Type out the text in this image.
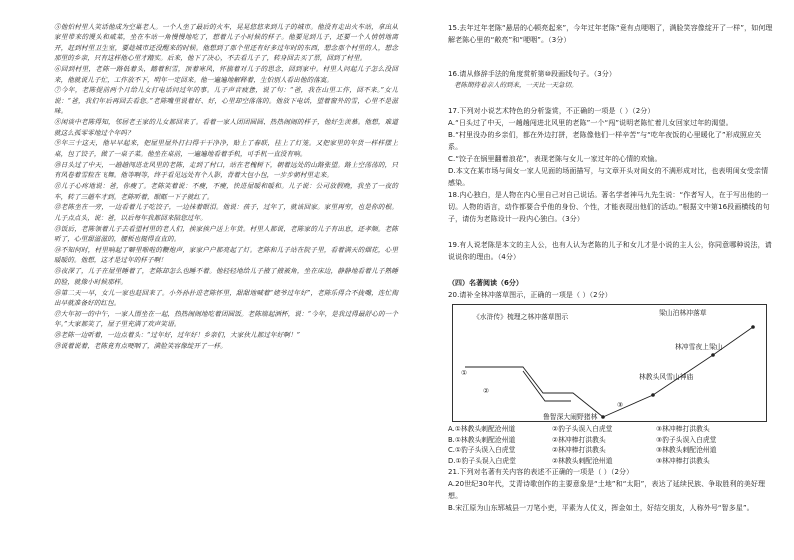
⑤他怕村里人笑话他成为空巢老人。一个人坐了最后的火车，晃晃悠悠来到儿子的城市。他没有走出火车站，拿出从家里带来的馒头和咸菜，坐在车站一角慢慢地吃了，想着儿子小时候的样子。他要见到儿子，还要一个人悄悄地离开，赶到村里卫生室，要趁城市还没醒来的时候。他想到了那个里还有好多过年时的东西，想念那个村里的人，想念那里的乡亲，只有这样他心里才踏实。后来，他下了决心，不去看儿子了，转身回去买了票，回到了村里。

⑥回到村里，老陈一路低着头，踏着积雪，顶着寒风，怀揣着对儿子的思念，回到家中。村里人问起儿子怎么没回来，他就说儿子忙，工作放不下，明年一定回来。他一遍遍地解释着，生怕别人看出他的落寞。

⑦今年，老陈提前两个月给儿女打电话问过年的事。儿子声音疲惫，说了句：“爸，我在山里工作，回不来。”女儿说：“爸，我们年后再回去看您。”老陈嘴里说着好、好，心里却空落落的。他放下电话，望着窗外的雪，心里不是滋味。

⑧闲谈中老陈得知，邻居老王家的儿女都回来了。看着一家人团团圆圆、热热闹闹的样子，他好生羡慕。他想，难道就这么孤零零地过个年吗？

⑨年三十这天，他早早起来，把屋里屋外打扫得干干净净，贴上了春联，挂上了灯笼。又把家里的年货一样样摆上桌，包了饺子，做了一桌子菜。他坐在桌前，一遍遍地看着手机，可手机一直没有响。

⑩日头过了中天，一趟趟闯进北风里的老陈，走到了村口，站在老槐树下，朝着远处的山路张望。路上空荡荡的，只有风卷着雪粒在飞舞。他等啊等，终于看见远处有个人影，背着大包小包，一步步朝村里走来。

⑪儿子心疼地说：爸，你瘦了。老陈笑着说：不瘦，不瘦，快进屋暖和暖和。儿子说：公司放假晚，我坐了一夜的车，转了三趟车才到。老陈听着，眼眶一下子就红了。

⑫老陈坐在一旁，一边看着儿子吃饺子，一边抹着眼泪。他说：孩子，过年了，就该回家。家里再穷，也是你的根。儿子点点头，说：爸，以后每年我都回来陪您过年。

⑬饭后，老陈领着儿子去看望村里的老人们，挨家挨户送上年货。村里人都说，老陈家的儿子有出息，还孝顺。老陈听了，心里甜滋滋的，腰板也挺得直直的。

⑭不知何时，村里响起了噼里啪啦的鞭炮声，家家户户都亮起了灯。老陈和儿子站在院子里，看着满天的烟花，心里暖暖的。他想，这才是过年的样子啊！

⑮夜深了，儿子在屋里睡着了，老陈却怎么也睡不着。他轻轻地给儿子掖了掖被角，坐在床边，静静地看着儿子熟睡的脸，就像小时候那样。

⑯第二天一早，女儿一家也赶回来了。小外孙扑进老陈怀里，甜甜地喊着“姥爷过年好”，老陈乐得合不拢嘴，连忙掏出早就准备好的红包。

⑰大年初一的中午，一家人围坐在一起，热热闹闹地吃着团圆饭。老陈端起酒杯，说：“今年，是我过得最舒心的一个年。”大家都笑了，屋子里充满了欢声笑语。

⑱老陈一边听着，一边点着头：“过年好，过年好！乡亲们，大家伙儿都过年好啊！”

⑲说着说着，老陈竟有点哽咽了，满脸笑容像绽开了一样。

15.去年过年老陈“悬居的心顿亮起来”，今年过年老陈“竟有点哽咽了，满脸笑容像绽开了一样”，如何理解老陈心里的“敞亮”和“哽咽”。（3分）

16.请从修辞手法的角度赏析第⑩段画线句子。（3分）

老陈期待着亲人的到来，一天比一天急切。

17.下列对小说艺术特色的分析鉴赏，不正确的一项是（ ）（2分）

A.“日头过了中天，一趟趟闯进北风里的老陈”一个“闯”说明老陈忙着儿女回家过年的渴望。

B.“村里没办的乡亲们，都在外边打拼，老陈像他们一样辛苦”与“吃年夜饭的心里暖化了”形成照应关系。

C.“饺子在锅里翻着浪花”，表现老陈与女儿一家过年的心情的欢愉。

D.本文在某市场与闺女一家人见面的场面描写，与文章开头对闺女的不满形成对比，也表明闺女受亲情感染。

18.内心独白，是人物在内心里自己对自己说话。著名学者神马九先生说：“作者写人，在于写出他的一切。人物的语言，动作都要合乎他的身份、个性，才能表现出他们的活动。”根据文中第16段画横线的句子，请仿为老陈设计一段内心独白。（3分）

19.有人说老陈是本文的主人公，也有人认为老陈的儿子和女儿才是小说的主人公，你同意哪种说法，请说说你的理由。（4分）

（四）名著阅读（6分）

20.请补全林冲落草图示，正确的一项是（ ）（2分）

《水浒传》梳理之林冲落草图示	梁山泊林冲落草
林冲雪夜上梁山
林教头风雪山神庙
鲁智深大闹野猪林
①
②
③
A.①林教头刺配沧州道	②豹子头误入白虎堂	③林冲棒打洪教头
B.①林教头刺配沧州道	②林冲棒打洪教头	③豹子头误入白虎堂
C.①豹子头误入白虎堂	②林冲棒打洪教头	③林教头刺配沧州道
D.①豹子头误入白虎堂	②林教头刺配沧州道	③林冲棒打洪教头

21.下列对名著有关内容的表述不正确的一项是（ ）（2分）

A.20世纪30年代，艾青诗歌创作的主要意象是“土地”和“太阳”，表达了延续民族、争取胜利的美好理想。

B.宋江原为山东郓城县一刀笔小吏，平素为人仗义，挥金如土，好结交朋友，人称外号“智多星”。
